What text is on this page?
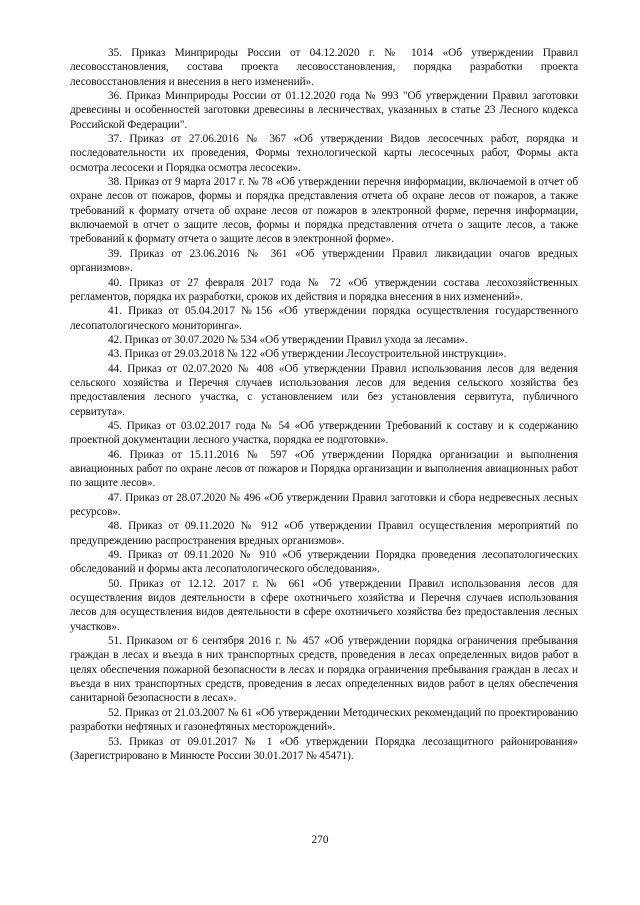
35. Приказ Минприроды России от 04.12.2020 г. № 1014 «Об утверждении Правил лесовосстановления, состава проекта лесовосстановления, порядка разработки проекта лесовосстановления и внесения в него изменений».

36. Приказ Минприроды России от 01.12.2020 года № 993 "Об утверждении Правил заготовки древесины и особенностей заготовки древесины в лесничествах, указанных в статье 23 Лесного кодекса Российской Федерации".

37. Приказ от 27.06.2016 № 367 «Об утверждении Видов лесосечных работ, порядка и последовательности их проведения, Формы технологической карты лесосечных работ, Формы акта осмотра лесосеки и Порядка осмотра лесосеки».

38. Приказ от 9 марта 2017 г. № 78 «Об утверждении перечня информации, включаемой в отчет об охране лесов от пожаров, формы и порядка представления отчета об охране лесов от пожаров, а также требований к формату отчета об охране лесов от пожаров в электронной форме, перечня информации, включаемой в отчет о защите лесов, формы и порядка представления отчета о защите лесов, а также требований к формату отчета о защите лесов в электронной форме».

39. Приказ от 23.06.2016 № 361 «Об утверждении Правил ликвидации очагов вредных организмов».

40. Приказ от 27 февраля 2017 года № 72 «Об утверждении состава лесохозяйственных регламентов, порядка их разработки, сроков их действия и порядка внесения в них изменений».

41. Приказ от 05.04.2017 №156 «Об утверждении порядка осуществления государственного лесопатологического мониторинга».

42. Приказ от 30.07.2020 № 534 «Об утверждении Правил ухода за лесами».

43. Приказ от 29.03.2018 № 122 «Об утверждении Лесоустроительной инструкции».

44. Приказ от 02.07.2020 № 408 «Об утверждении Правил использования лесов для ведения сельского хозяйства и Перечня случаев использования лесов для ведения сельского хозяйства без предоставления лесного участка, с установлением или без установления сервитута, публичного сервитута».

45. Приказ от 03.02.2017 года № 54 «Об утверждении Требований к составу и к содержанию проектной документации лесного участка, порядка ее подготовки».

46. Приказ от 15.11.2016 № 597 «Об утверждении Порядка организации и выполнения авиационных работ по охране лесов от пожаров и Порядка организации и выполнения авиационных работ по защите лесов».

47. Приказ от 28.07.2020 № 496 «Об утверждении Правил заготовки и сбора недревесных лесных ресурсов».

48. Приказ от 09.11.2020 № 912 «Об утверждении Правил осуществления мероприятий по предупреждению распространения вредных организмов».

49. Приказ от 09.11.2020 № 910 «Об утверждении Порядка проведения лесопатологических обследований и формы акта лесопатологического обследования».

50. Приказ от 12.12. 2017 г. № 661 «Об утверждении Правил использования лесов для осуществления видов деятельности в сфере охотничьего хозяйства и Перечня случаев использования лесов для осуществления видов деятельности в сфере охотничьего хозяйства без предоставления лесных участков».

51. Приказом от 6 сентября 2016 г. № 457 «Об утверждении порядка ограничения пребывания граждан в лесах и въезда в них транспортных средств, проведения в лесах определенных видов работ в целях обеспечения пожарной безопасности в лесах и порядка ограничения пребывания граждан в лесах и въезда в них транспортных средств, проведения в лесах определенных видов работ в целях обеспечения санитарной безопасности в лесах».

52. Приказ от 21.03.2007 № 61 «Об утверждении Методических рекомендаций по проектированию разработки нефтяных и газонефтяных месторождений».

53. Приказ от 09.01.2017 № 1 «Об утверждении Порядка лесозащитного районирования» (Зарегистрировано в Минюсте России 30.01.2017 № 45471).

270
